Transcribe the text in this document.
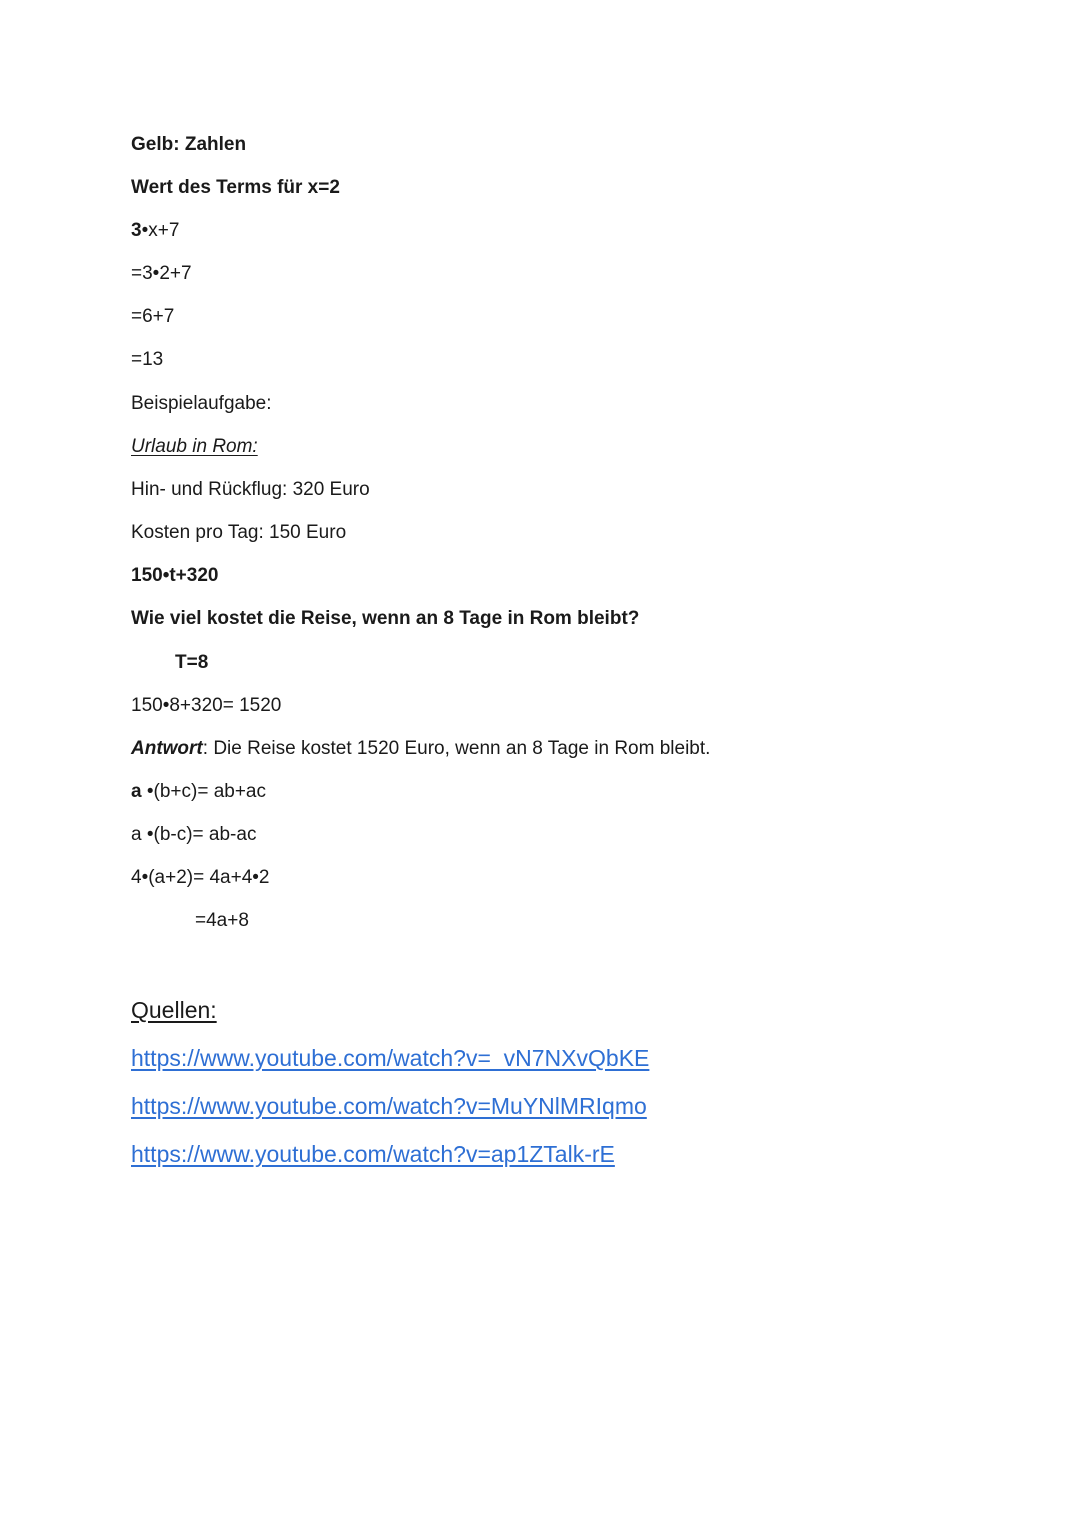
Gelb: Zahlen
Wert des Terms für x=2
3•x+7
=3•2+7
=6+7
=13
Beispielaufgabe:
Urlaub in Rom:
Hin- und Rückflug: 320 Euro
Kosten pro Tag: 150 Euro
150•t+320
Wie viel kostet die Reise, wenn an 8 Tage in Rom bleibt?
T=8
150•8+320= 1520
Antwort: Die Reise kostet 1520 Euro, wenn an 8 Tage in Rom bleibt.
a •(b+c)= ab+ac
a •(b-c)= ab-ac
4•(a+2)= 4a+4•2
=4a+8
Quellen:
https://www.youtube.com/watch?v=_vN7NXvQbKE
https://www.youtube.com/watch?v=MuYNlMRIqmo
https://www.youtube.com/watch?v=ap1ZTalk-rE
